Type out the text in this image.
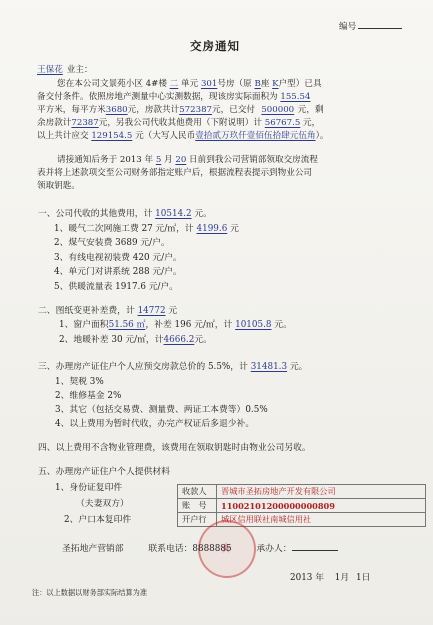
编号
交房通知
王保花 业主：
您在本公司文景苑小区 4#楼 二 单元 301号房（原 B座 K户型）已具
备交付条件。依照房地产测量中心实测数据，现该房实际面积为 155.54
平方米，每平方米3680元，房款共计572387元，已交付 500000 元，剩
余房款计72387元，另我公司代收其他费用（下附说明）计 56767.5 元，
以上共计应交 129154.5 元（大写人民币壹拾贰万玖仟壹佰伍拾肆元伍角）。
请接通知后务于 2013 年 5 月 20 日前到我公司营销部领取交房流程
表并将上述款项交至公司财务部指定账户后，根据流程表提示到物业公司
领取钥匙。
一、公司代收的其他费用，计 10514.2 元。
1、暖气二次网施工费 27 元/㎡，计 4199.6 元
2、煤气安装费 3689 元/户。
3、有线电视初装费 420 元/户。
4、单元门对讲系统 288 元/户。
5、供暖流量表 1917.6 元/户。
二、图纸变更补差费，计 14772 元
1、窗户面积51.56 ㎡，补差 196 元/㎡，计 10105.8 元。
2、地暖补差 30 元/㎡，计4666.2元。
三、办理房产证住户个人应预交房款总价的 5.5%，计 31481.3 元。
1、契税 3%
2、维修基金 2%
3、其它（包括交易费、测量费、两证工本费等）0.5%
4、以上费用为暂时代收，办完产权证后多退少补。
四、以上费用不含物业管理费，该费用在领取钥匙时由物业公司另收。
五、办理房产证住户个人提供材料
1、身份证复印件
（夫妻双方）
2、户口本复印件
收款人	晋城市圣拓房地产开发有限公司
账　号	11002101200000000809
开户行	城区信用联社南城信用社
圣拓地产营销部	联系电话：8888885	承办人：
2013 年 1月 1日
注：以上数据以财务部实际结算为准
